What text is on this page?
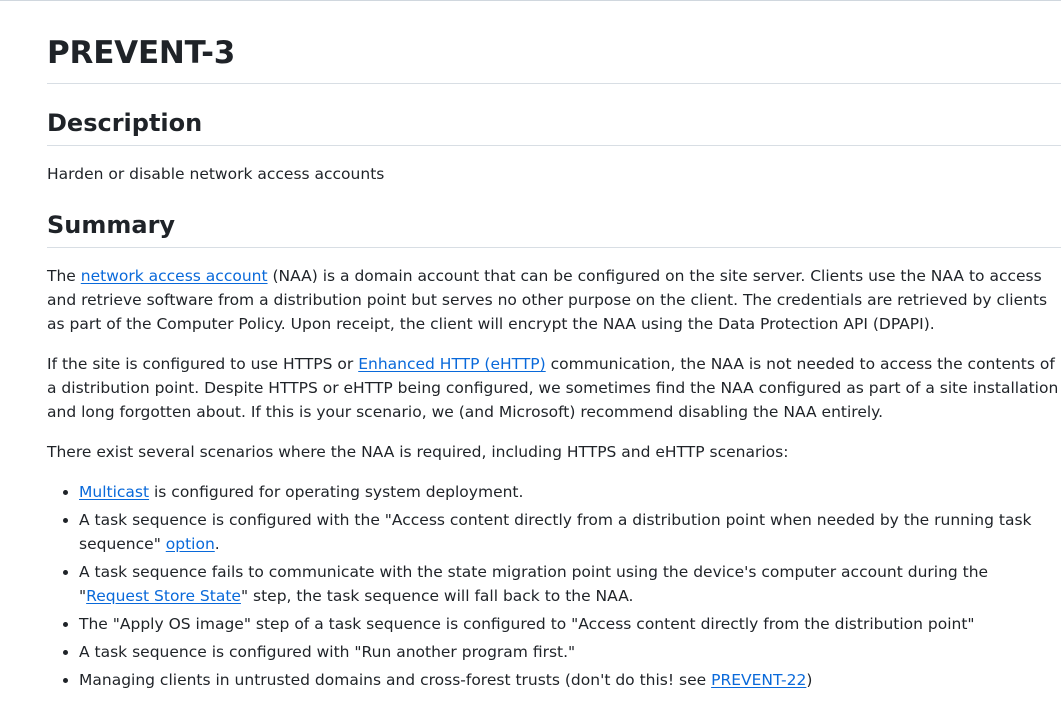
PREVENT-3
Description

Harden or disable network access accounts

Summary

The network access account (NAA) is a domain account that can be configured on the site server. Clients use the NAA to access and retrieve software from a distribution point but serves no other purpose on the client. The credentials are retrieved by clients as part of the Computer Policy. Upon receipt, the client will encrypt the NAA using the Data Protection API (DPAPI).

If the site is configured to use HTTPS or Enhanced HTTP (eHTTP) communication, the NAA is not needed to access the contents of a distribution point. Despite HTTPS or eHTTP being configured, we sometimes find the NAA configured as part of a site installation and long forgotten about. If this is your scenario, we (and Microsoft) recommend disabling the NAA entirely.

There exist several scenarios where the NAA is required, including HTTPS and eHTTP scenarios:

• Multicast is configured for operating system deployment.
• A task sequence is configured with the "Access content directly from a distribution point when needed by the running task sequence" option.
• A task sequence fails to communicate with the state migration point using the device's computer account during the "Request Store State" step, the task sequence will fall back to the NAA.
• The "Apply OS image" step of a task sequence is configured to "Access content directly from the distribution point"
• A task sequence is configured with "Run another program first."
• Managing clients in untrusted domains and cross-forest trusts (don't do this! see PREVENT-22)
